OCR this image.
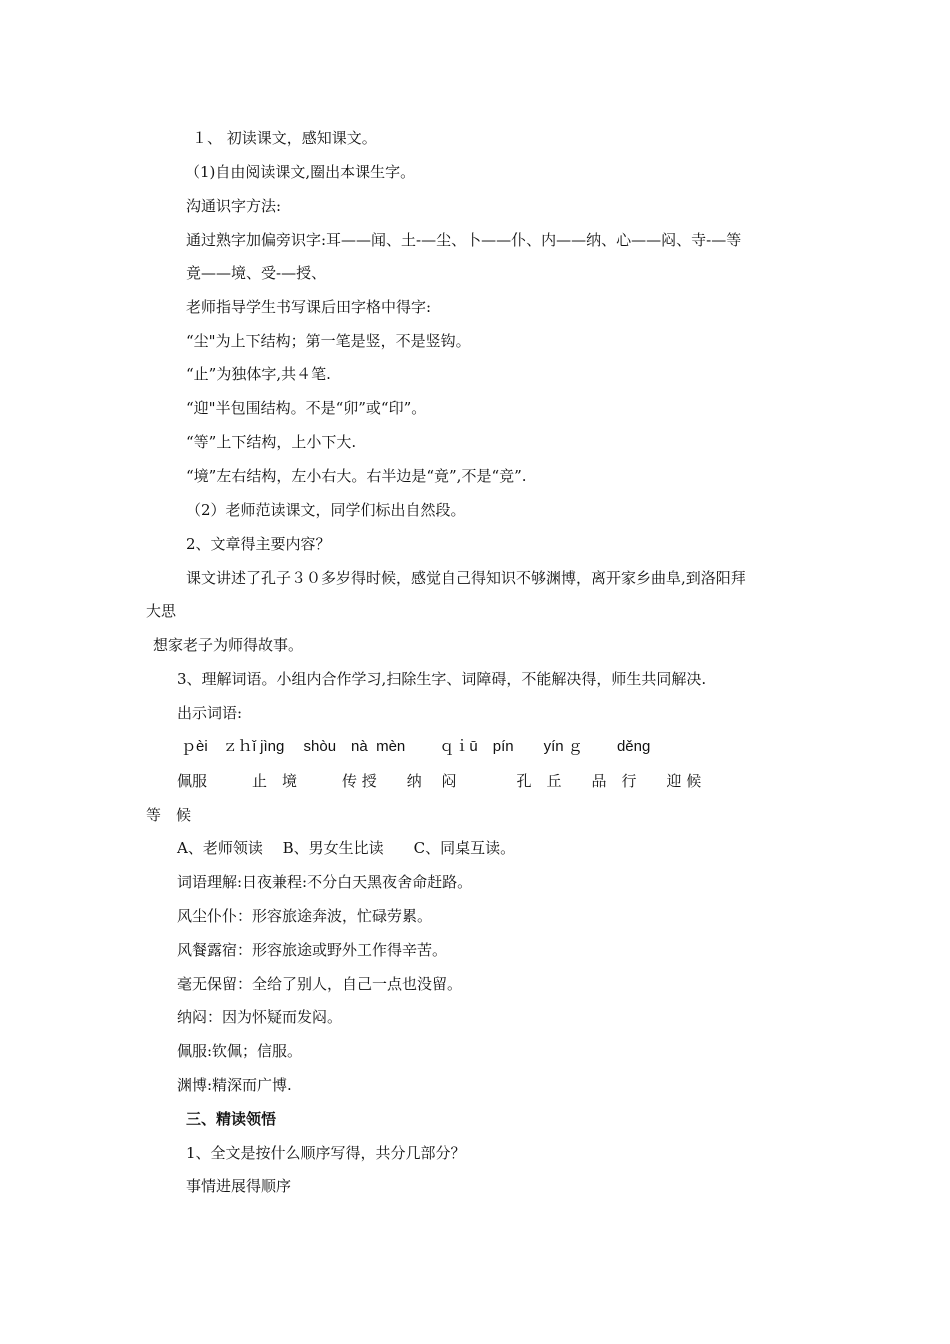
１、 初读课文，感知课文。
（1)自由阅读课文,圈出本课生字。
沟通识字方法:
通过熟字加偏旁识字:耳——闻、土-—尘、卜——仆、内——纳、心——闷、寺-—等
竟——境、受-—授、
老师指导学生书写课后田字格中得字:
“尘"为上下结构；第一笔是竖，不是竖钩。
“止”为独体字,共４笔.
“迎"半包围结构。不是“卯”或“印”。
“等”上下结构，上小下大.
“境”左右结构，左小右大。右半边是“竟”,不是“竞”.
（2）老师范读课文，同学们标出自然段。
2、文章得主要内容？
课文讲述了孔子３０多岁得时候，感觉自己得知识不够渊博，离开家乡曲阜,到洛阳拜
大思
想家老子为师得故事。
3、理解词语。小组内合作学习,扫除生字、词障碍，不能解决得，师生共同解决.
出示词语:
ｐèi　ｚｈǐ jìng　 shòu　nà  mèn　　 ｑｉū　pín　　yín ｇ　　 děng
佩服　　　止　境　　　传 授　　纳　 闷　　　　孔　丘　　品　行　　迎 候
等　候
A、老师领读　 B、男女生比读　　C、同桌互读。
词语理解:日夜兼程:不分白天黑夜舍命赶路。
风尘仆仆：形容旅途奔波，忙碌劳累。
风餐露宿：形容旅途或野外工作得辛苦。
毫无保留：全给了别人，自己一点也没留。
纳闷：因为怀疑而发闷。
佩服:钦佩；信服。
渊博:精深而广博.
三、精读领悟
1、全文是按什么顺序写得，共分几部分？
事情进展得顺序
